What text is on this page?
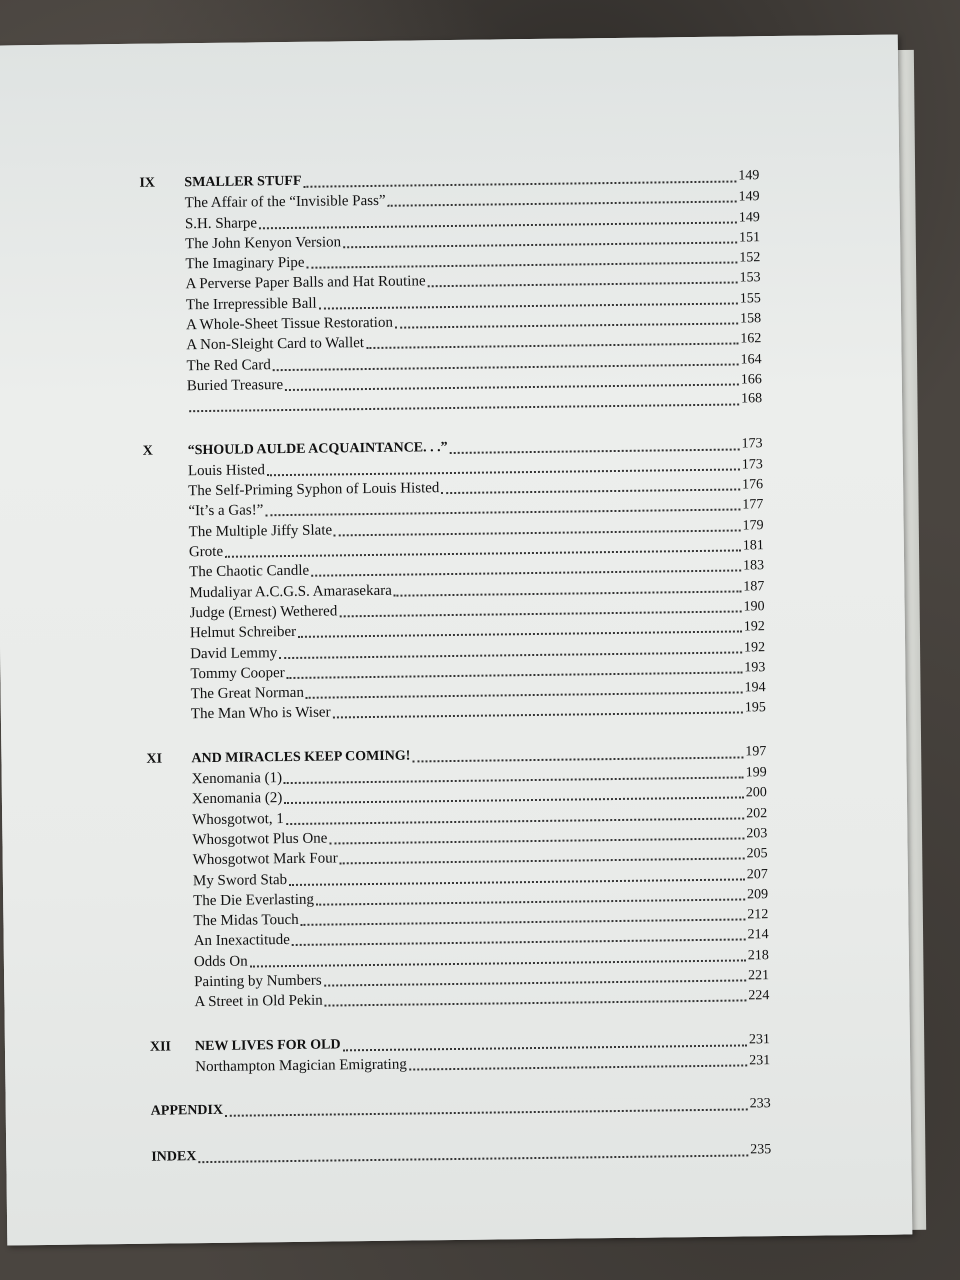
IX	SMALLER STUFF	149
The Affair of the “Invisible Pass”	149
S.H. Sharpe	149
The John Kenyon Version	151
The Imaginary Pipe	152
A Perverse Paper Balls and Hat Routine	153
The Irrepressible Ball	155
A Whole-Sheet Tissue Restoration	158
A Non-Sleight Card to Wallet	162
The Red Card	164
Buried Treasure	166
168
X	“SHOULD AULDE ACQUAINTANCE. . .”	173
Louis Histed	173
The Self-Priming Syphon of Louis Histed	176
“It’s a Gas!”	177
The Multiple Jiffy Slate	179
Grote	181
The Chaotic Candle	183
Mudaliyar A.C.G.S. Amarasekara	187
Judge (Ernest) Wethered	190
Helmut Schreiber	192
David Lemmy	192
Tommy Cooper	193
The Great Norman	194
The Man Who is Wiser	195
XI	AND MIRACLES KEEP COMING!	197
Xenomania (1)	199
Xenomania (2)	200
Whosgotwot, 1	202
Whosgotwot Plus One	203
Whosgotwot Mark Four	205
My Sword Stab	207
The Die Everlasting	209
The Midas Touch	212
An Inexactitude	214
Odds On	218
Painting by Numbers	221
A Street in Old Pekin	224
XII	NEW LIVES FOR OLD	231
Northampton Magician Emigrating	231
APPENDIX	233
INDEX	235
